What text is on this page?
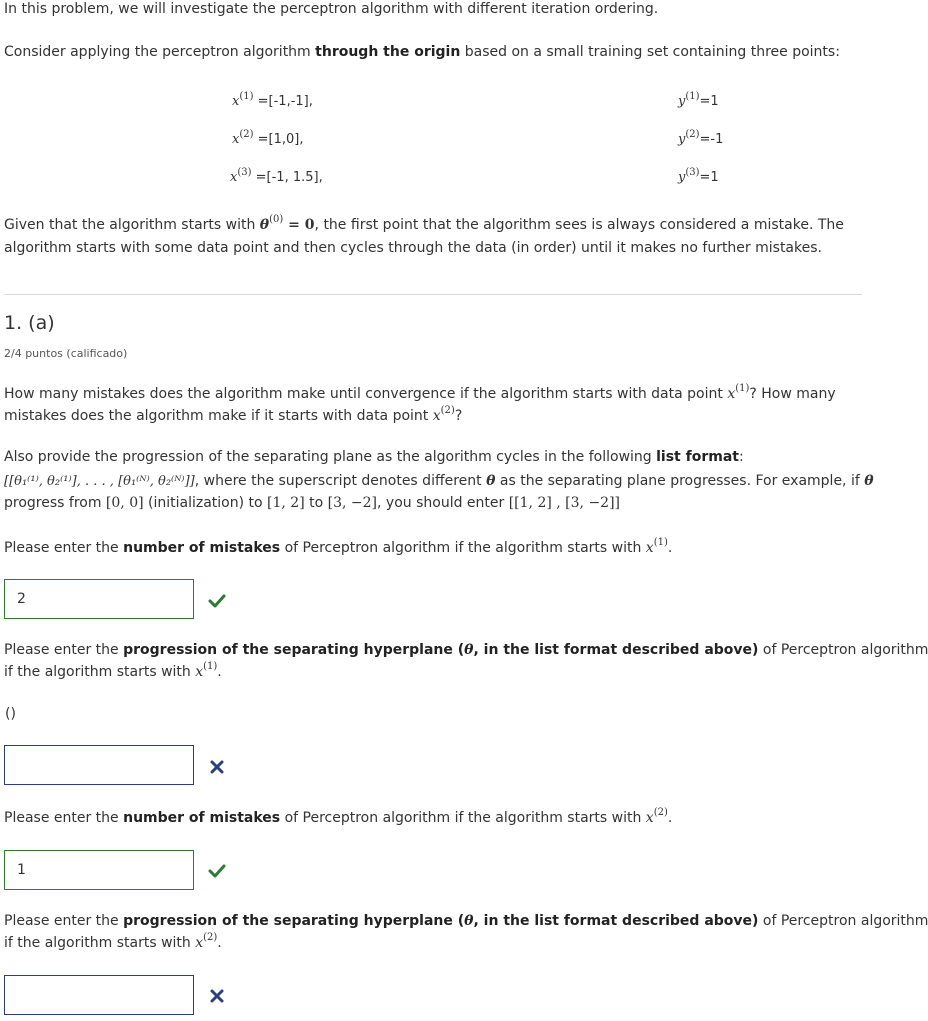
In this problem, we will investigate the perceptron algorithm with different iteration ordering.
Consider applying the perceptron algorithm through the origin based on a small training set containing three points:
$x^{(1)} =[-1,-1]$,	$y^{(1)}=1$
$x^{(2)} =[1,0]$,	$y^{(2)}=-1$
$x^{(3)} =[-1$, 1.5],	$y^{(3)}=1$
Given that the algorithm starts with $\theta^{(0)} = 0$, the first point that the algorithm sees is always considered a mistake. The
algorithm starts with some data point and then cycles through the data (in order) until it makes no further mistakes.
1. (a)
2/4 puntos (calificado)
How many mistakes does the algorithm make until convergence if the algorithm starts with data point $x^{(1)}$? How many
mistakes does the algorithm make if it starts with data point $x^{(2)}$?
Also provide the progression of the separating plane as the algorithm cycles in the following list format:
[[θ₁⁽¹⁾, θ₂⁽¹⁾], . . . , [θ₁⁽ᴺ⁾, θ₂⁽ᴺ⁾]], where the superscript denotes different θ as the separating plane progresses. For example, if θ
progress from [0, 0] (initialization) to [1, 2] to [3, −2], you should enter [[1, 2] , [3, −2]]
Please enter the number of mistakes of Perceptron algorithm if the algorithm starts with $x^{(1)}$.
2
Please enter the progression of the separating hyperplane (θ, in the list format described above) of Perceptron algorithm
if the algorithm starts with $x^{(1)}$.
()
Please enter the number of mistakes of Perceptron algorithm if the algorithm starts with $x^{(2)}$.
1
Please enter the progression of the separating hyperplane (θ, in the list format described above) of Perceptron algorithm
if the algorithm starts with $x^{(2)}$.
